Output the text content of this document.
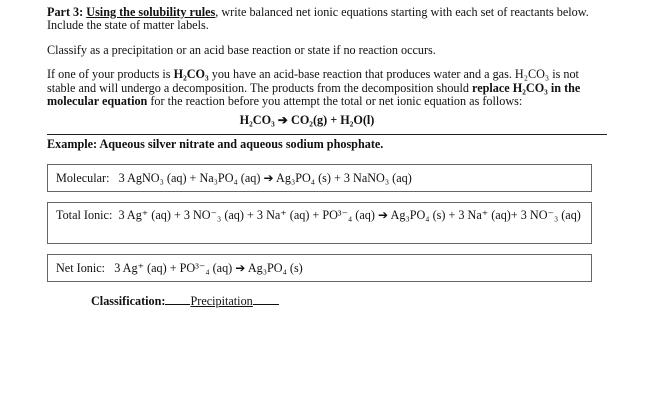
Part 3: Using the solubility rules, write balanced net ionic equations starting with each set of reactants below. Include the state of matter labels.

Classify as a precipitation or an acid base reaction or state if no reaction occurs.

If one of your products is H₂CO₃ you have an acid-base reaction that produces water and a gas. H₂CO₃ is not stable and will undergo a decomposition. The products from the decomposition should replace H₂CO₃ in the molecular equation for the reaction before you attempt the total or net ionic equation as follows:

H₂CO₃ ➔ CO₂(g) + H₂O(l)

Example: Aqueous silver nitrate and aqueous sodium phosphate.

Molecular: 3 AgNO₃ (aq) + Na₃PO₄ (aq) ➔ Ag₃PO₄ (s) + 3 NaNO₃ (aq)
Total Ionic: 3 Ag⁺ (aq) + 3 NO⁻₃ (aq) + 3 Na⁺ (aq) + PO³⁻₄ (aq) ➔ Ag₃PO₄ (s) + 3 Na⁺ (aq)+ 3 NO⁻₃ (aq)
Net Ionic: 3 Ag⁺ (aq) + PO³⁻₄ (aq) ➔ Ag₃PO₄ (s)

Classification: Precipitation
